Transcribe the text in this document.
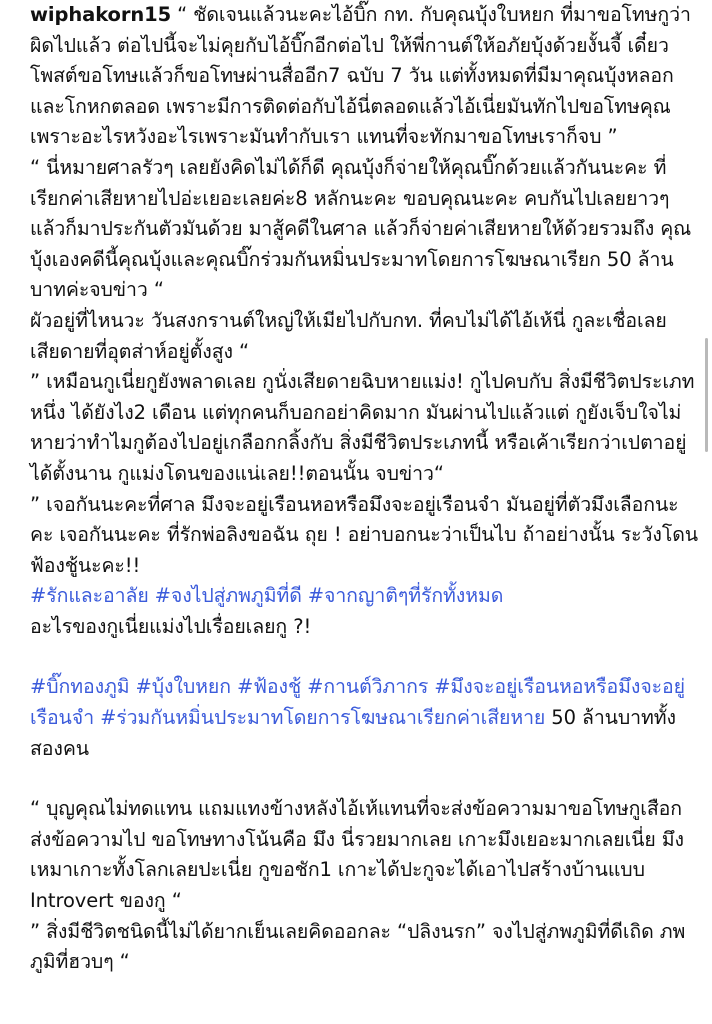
wiphakorn15 “ ชัดเจนแล้วนะคะไอ้บิ๊ก กท. กับคุณบุ้งใบหยก ที่มาขอโทษกูว่าผิดไปแล้ว ต่อไปนี้จะไม่คุยกับไอ้บิ๊กอีกต่อไป ให้พี่กานต์ให้อภัยบุ้งด้วยงั้นจี้ เดี๋ยวโพสต์ขอโทษแล้วก็ขอโทษผ่านสื่ออีก7 ฉบับ 7 วัน แต่ทั้งหมดที่มีมาคุณบุ้งหลอก และโกหกตลอด เพราะมีการติดต่อกับไอ้นี่ตลอดแล้วไอ้เนี่ยมันทักไปขอโทษคุณเพราะอะไรหวังอะไรเพราะมันทำกับเรา แทนที่จะทักมาขอโทษเราก็จบ ”

“ นี่หมายศาลรัวๆ เลยยังคิดไม่ได้ก็ดี คุณบุ้งก็จ่ายให้คุณบิ๊กด้วยแล้วกันนะคะ ที่เรียกค่าเสียหายไปอ่ะเยอะเลยค่ะ8 หลักนะคะ ขอบคุณนะคะ คบกันไปเลยยาวๆแล้วก็มาประกันตัวมันด้วย มาสู้คดีในศาล แล้วก็จ่ายค่าเสียหายให้ด้วยรวมถึง คุณบุ้งเองคดีนี้คุณบุ้งและคุณบิ๊กร่วมกันหมิ่นประมาทโดยการโฆษณาเรียก 50 ล้านบาทค่ะจบข่าว “

ผัวอยู่ที่ไหนวะ วันสงกรานต์ใหญ่ให้เมียไปกับกท. ที่คบไม่ได้ไอ้เห้นี่ กูละเชื่อเลยเสียดายที่อุตส่าห์อยู่ตั้งสูง “

” เหมือนกูเนี่ยกูยังพลาดเลย กูนั่งเสียดายฉิบหายแม่ง! กูไปคบกับ สิ่งมีชีวิตประเภทหนึ่ง ได้ยังไง2 เดือน แต่ทุกคนก็บอกอย่าคิดมาก มันผ่านไปแล้วแต่ กูยังเจ็บใจไม่หายว่าทำไมกูต้องไปอยู่เกลือกกลิ้งกับ สิ่งมีชีวิตประเภทนี้ หรือเค้าเรียกว่าเปตาอยู่ได้ตั้งนาน กูแม่งโดนของแน่เลย!!ตอนนั้น จบข่าว“

” เจอกันนะคะที่ศาล มึงจะอยู่เรือนหอหรือมึงจะอยู่เรือนจำ มันอยู่ที่ตัวมึงเลือกนะคะ เจอกันนะคะ ที่รักพ่อลิงขอฉัน ถุย ! อย่าบอกนะว่าเป็นไบ ถ้าอย่างนั้น ระวังโดนฟ้องชู้นะคะ!!

#รักและอาลัย #จงไปสู่ภพภูมิที่ดี #จากญาติๆที่รักทั้งหมด

อะไรของกูเนี่ยแม่งไปเรื่อยเลยกู ?!

#บิ๊กทองภูมิ #บุ้งใบหยก #ฟ้องชู้ #กานต์วิภากร #มึงจะอยู่เรือนหอหรือมึงจะอยู่เรือนจำ #ร่วมกันหมิ่นประมาทโดยการโฆษณาเรียกค่าเสียหาย 50 ล้านบาททั้งสองคน

“ บุญคุณไม่ทดแทน แถมแทงข้างหลังไอ้เห้แทนที่จะส่งข้อความมาขอโทษกูเสือกส่งข้อความไป ขอโทษทางโน้นคือ มึง นี่รวยมากเลย เกาะมึงเยอะมากเลยเนี่ย มึงเหมาเกาะทั้งโลกเลยปะเนี่ย กูขอชัก1 เกาะได้ปะกูจะได้เอาไปสร้างบ้านแบบ Introvert ของกู “

” สิ่งมีชีวิตชนิดนี้ไม่ได้ยากเย็นเลยคิดออกละ “ปลิงนรก” จงไปสู่ภพภูมิที่ดีเถิด ภพภูมิที่ฮวบๆ “
